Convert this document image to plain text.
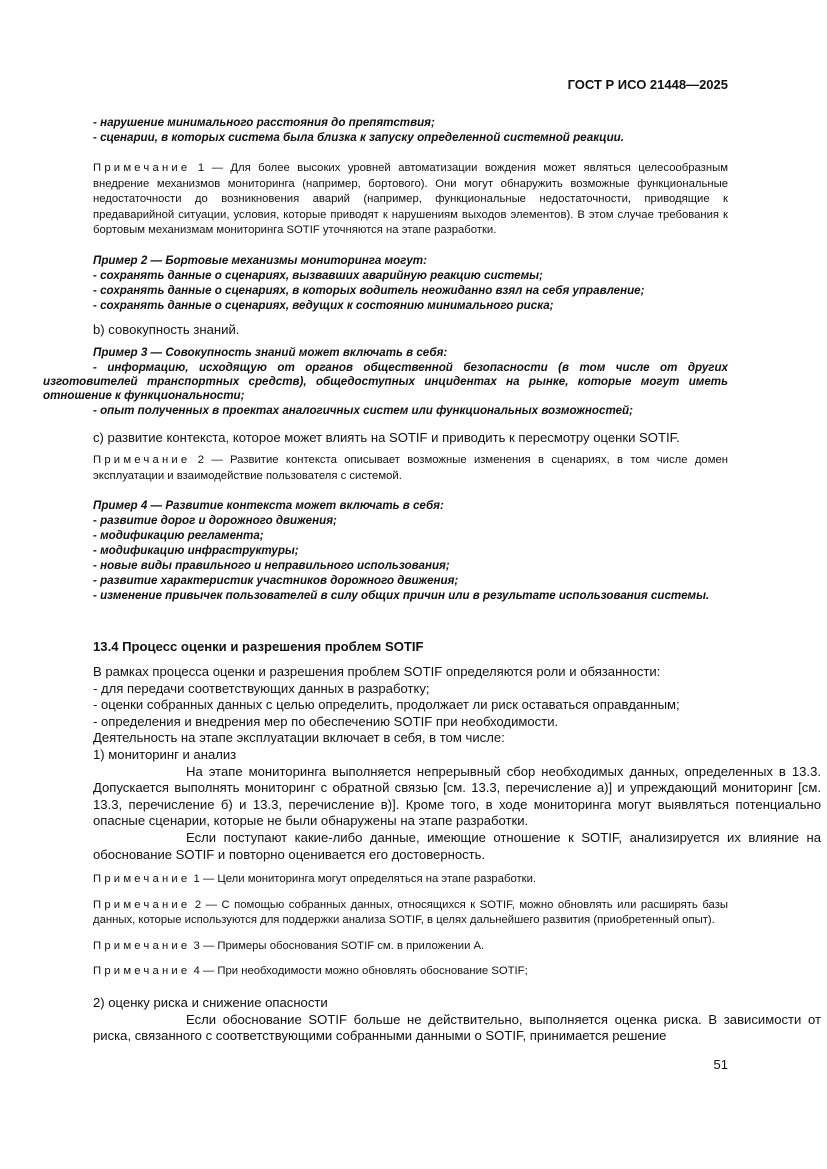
ГОСТ Р ИСО 21448—2025

- нарушение минимального расстояния до препятствия;

- сценарии, в которых система была близка к запуску определенной системной реакции.

Примечание 1 — Для более высоких уровней автоматизации вождения может являться целесообразным внедрение механизмов мониторинга (например, бортового). Они могут обнаружить возможные функциональные недостаточности до возникновения аварий (например, функциональные недостаточности, приводящие к предаварийной ситуации, условия, которые приводят к нарушениям выходов элементов). В этом случае требования к бортовым механизмам мониторинга SOTIF уточняются на этапе разработки.

Пример 2 — Бортовые механизмы мониторинга могут:

- сохранять данные о сценариях, вызвавших аварийную реакцию системы;

- сохранять данные о сценариях, в которых водитель неожиданно взял на себя управление;

- сохранять данные о сценариях, ведущих к состоянию минимального риска;

b) совокупность знаний.

Пример 3 — Совокупность знаний может включать в себя:

- информацию, исходящую от органов общественной безопасности (в том числе от других изготовителей транспортных средств), общедоступных инцидентах на рынке, которые могут иметь отношение к функциональности;

- опыт полученных в проектах аналогичных систем или функциональных возможностей;

с) развитие контекста, которое может влиять на SOTIF и приводить к пересмотру оценки SOTIF.

Примечание 2 — Развитие контекста описывает возможные изменения в сценариях, в том числе домен эксплуатации и взаимодействие пользователя с системой.

Пример 4 — Развитие контекста может включать в себя:

- развитие дорог и дорожного движения;

- модификацию регламента;

- модификацию инфраструктуры;

- новые виды правильного и неправильного использования;

- развитие характеристик участников дорожного движения;

- изменение привычек пользователей в силу общих причин или в результате использования системы.

13.4 Процесс оценки и разрешения проблем SOTIF

В рамках процесса оценки и разрешения проблем SOTIF определяются роли и обязанности:

- для передачи соответствующих данных в разработку;

- оценки собранных данных с целью определить, продолжает ли риск оставаться оправданным;

- определения и внедрения мер по обеспечению SOTIF при необходимости.

Деятельность на этапе эксплуатации включает в себя, в том числе:

1) мониторинг и анализ

На этапе мониторинга выполняется непрерывный сбор необходимых данных, определенных в 13.3. Допускается выполнять мониторинг с обратной связью [см. 13.3, перечисление а)] и упреждающий мониторинг [см. 13.3, перечисление б) и 13.3, перечисление в)]. Кроме того, в ходе мониторинга могут выявляться потенциально опасные сценарии, которые не были обнаружены на этапе разработки.

Если поступают какие-либо данные, имеющие отношение к SOTIF, анализируется их влияние на обоснование SOTIF и повторно оценивается его достоверность.

Примечание 1 — Цели мониторинга могут определяться на этапе разработки.

Примечание 2 — С помощью собранных данных, относящихся к SOTIF, можно обновлять или расширять базы данных, которые используются для поддержки анализа SOTIF, в целях дальнейшего развития (приобретенный опыт).

Примечание 3 — Примеры обоснования SOTIF см. в приложении А.

Примечание 4 — При необходимости можно обновлять обоснование SOTIF;

2) оценку риска и снижение опасности

Если обоснование SOTIF больше не действительно, выполняется оценка риска. В зависимости от риска, связанного с соответствующими собранными данными о SOTIF, принимается решение

51
